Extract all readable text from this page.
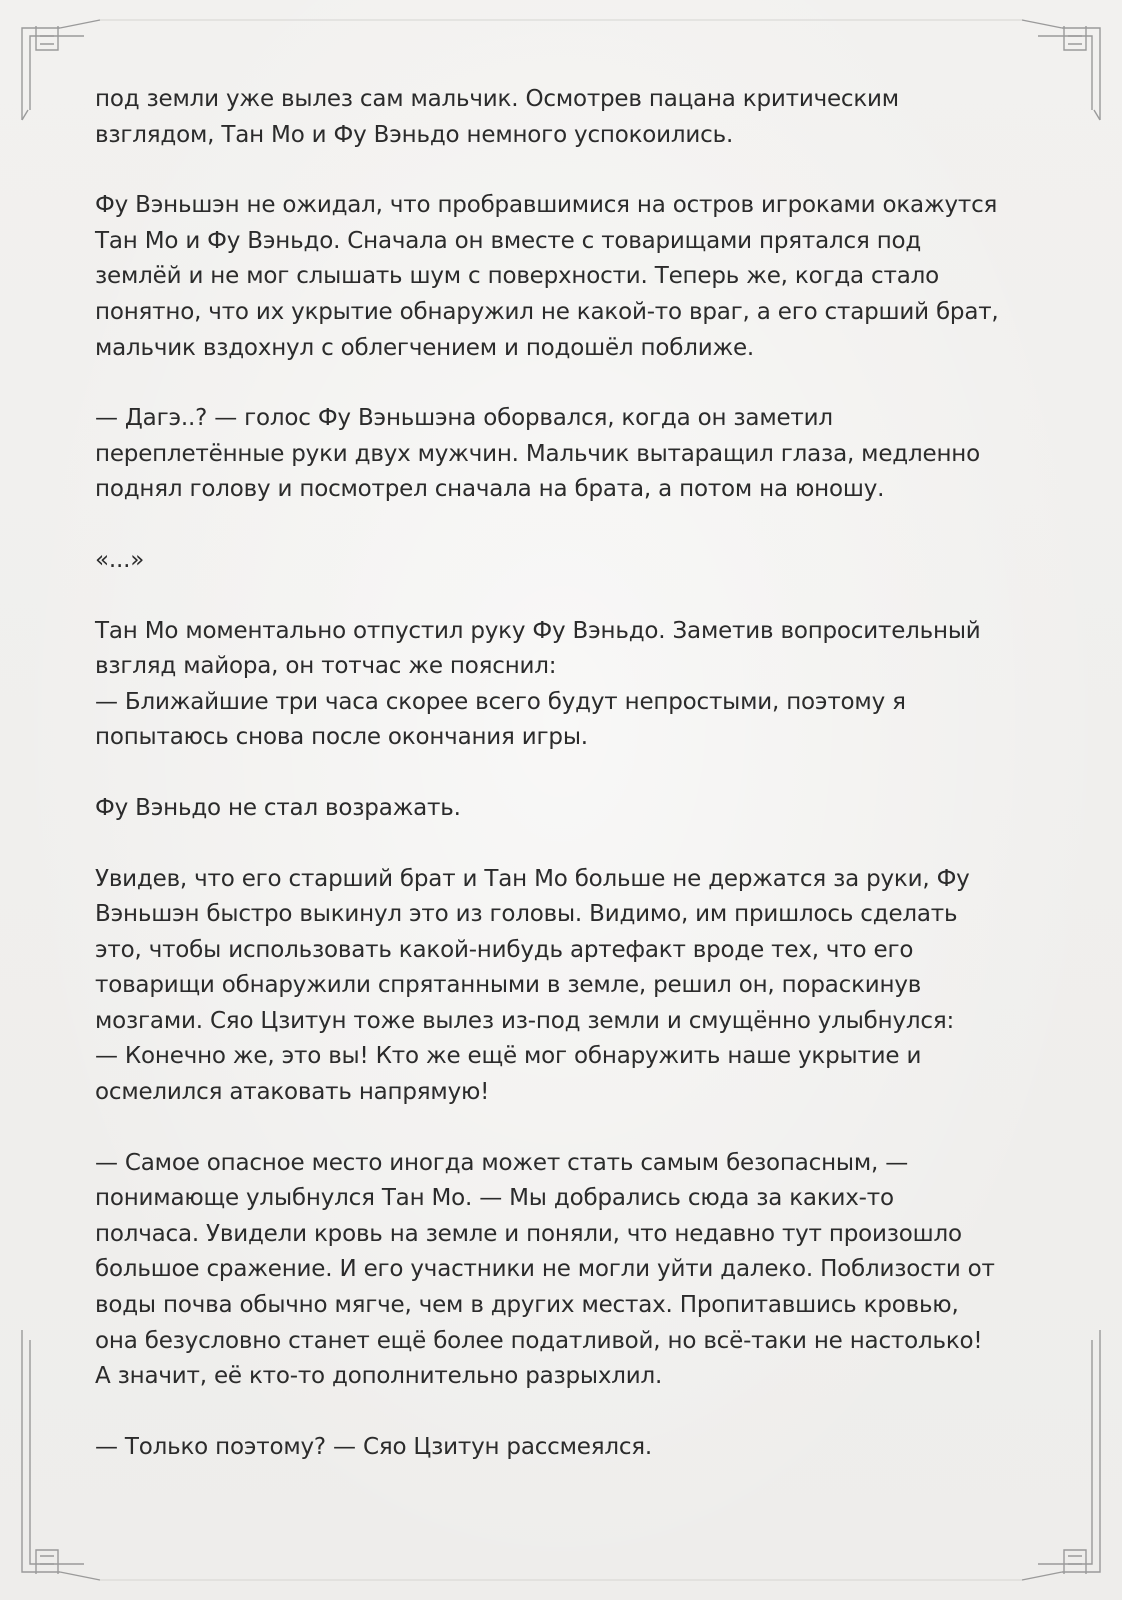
под земли уже вылез сам мальчик. Осмотрев пацана критическим
взглядом, Тан Мо и Фу Вэньдо немного успокоились.

Фу Вэньшэн не ожидал, что пробравшимися на остров игроками окажутся
Тан Мо и Фу Вэньдо. Сначала он вместе с товарищами прятался под
землёй и не мог слышать шум с поверхности. Теперь же, когда стало
понятно, что их укрытие обнаружил не какой-то враг, а его старший брат,
мальчик вздохнул с облегчением и подошёл поближе.

— Дагэ..? — голос Фу Вэньшэна оборвался, когда он заметил
переплетённые руки двух мужчин. Мальчик вытаращил глаза, медленно
поднял голову и посмотрел сначала на брата, а потом на юношу.

«...»

Тан Мо моментально отпустил руку Фу Вэньдо. Заметив вопросительный
взгляд майора, он тотчас же пояснил:
— Ближайшие три часа скорее всего будут непростыми, поэтому я
попытаюсь снова после окончания игры.

Фу Вэньдо не стал возражать.

Увидев, что его старший брат и Тан Мо больше не держатся за руки, Фу
Вэньшэн быстро выкинул это из головы. Видимо, им пришлось сделать
это, чтобы использовать какой-нибудь артефакт вроде тех, что его
товарищи обнаружили спрятанными в земле, решил он, пораскинув
мозгами. Сяо Цзитун тоже вылез из-под земли и смущённо улыбнулся:
— Конечно же, это вы! Кто же ещё мог обнаружить наше укрытие и
осмелился атаковать напрямую!

— Самое опасное место иногда может стать самым безопасным, —
понимающе улыбнулся Тан Мо. — Мы добрались сюда за каких-то
полчаса. Увидели кровь на земле и поняли, что недавно тут произошло
большое сражение. И его участники не могли уйти далеко. Поблизости от
воды почва обычно мягче, чем в других местах. Пропитавшись кровью,
она безусловно станет ещё более податливой, но всё-таки не настолько!
А значит, её кто-то дополнительно разрыхлил.

— Только поэтому? — Сяо Цзитун рассмеялся.
